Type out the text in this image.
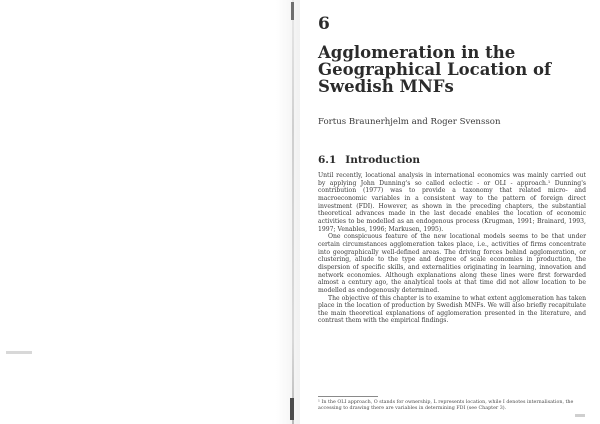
6
Agglomeration in the Geographical Location of Swedish MNFs
Fortus Braunerhjelm and Roger Svensson
6.1 Introduction

Until recently, locational analysis in international economics was mainly carried out by applying John Dunning's so called eclectic - or OLI - approach.¹ Dunning's contribution (1977) was to provide a taxonomy that related micro- and macroeconomic variables in a consistent way to the pattern of foreign direct investment (FDI). However, as shown in the preceding chapters, the substantial theoretical advances made in the last decade enables the location of economic activities to be modelled as an endogenous process (Krugman, 1991; Brainard, 1993, 1997; Venables, 1996; Markusen, 1995).

One conspicuous feature of the new locational models seems to be that under certain circumstances agglomeration takes place, i.e., activities of firms concentrate into geographically well-defined areas. The driving forces behind agglomeration, or clustering, allude to the type and degree of scale economies in production, the dispersion of specific skills, and externalities originating in learning, innovation and network economies. Although explanations along these lines were first forwarded almost a century ago, the analytical tools at that time did not allow location to be modelled as endogenously determined.

The objective of this chapter is to examine to what extent agglomeration has taken place in the location of production by Swedish MNFs. We will also briefly recapitulate the main theoretical explanations of agglomeration presented in the literature, and contrast them with the empirical findings.

¹ In the OLI approach, O stands for ownership, L represents location, while I denotes internalisation, the accessing to drawing there are variables in determining FDI (see Chapter 3).
